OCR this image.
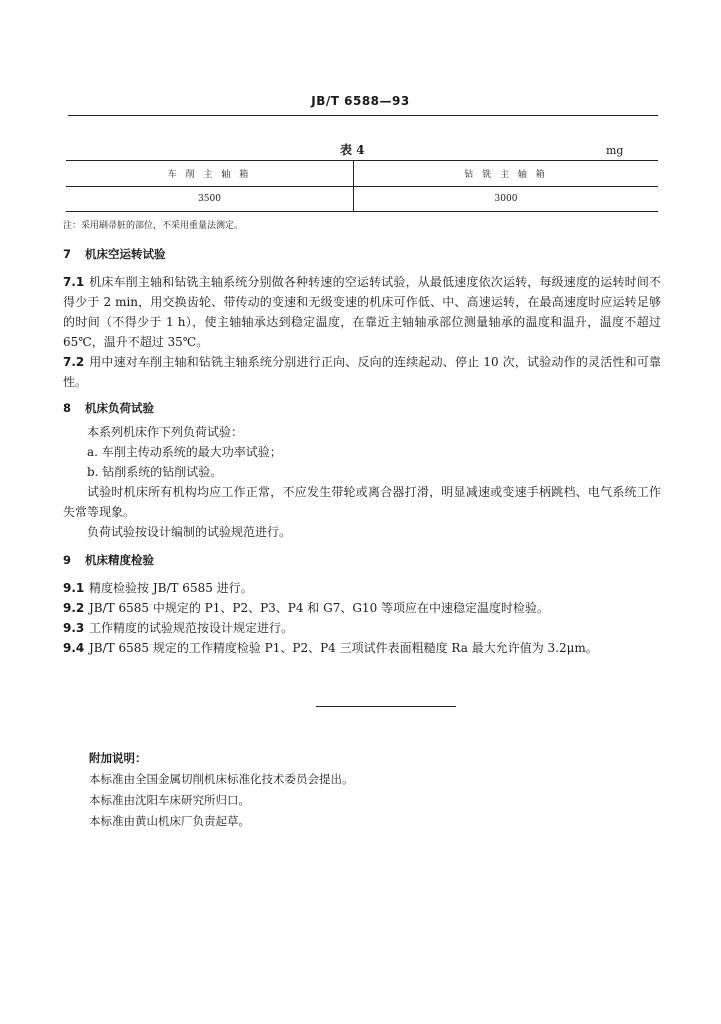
JB/T 6588—93
表 4	mg
车 削 主 轴 箱	钻 铣 主 轴 箱
3500	3000
注：采用刷帚脏的部位，不采用重量法测定。
7 机床空运转试验
7.1 机床车削主轴和钻铣主轴系统分别做各种转速的空运转试验，从最低速度依次运转，每级速度的运转时间不得少于 2 min，用交换齿轮、带传动的变速和无级变速的机床可作低、中、高速运转，在最高速度时应运转足够的时间（不得少于 1 h），使主轴轴承达到稳定温度，在靠近主轴轴承部位测量轴承的温度和温升，温度不超过 65℃，温升不超过 35℃。
7.2 用中速对车削主轴和钻铣主轴系统分别进行正向、反向的连续起动、停止 10 次，试验动作的灵活性和可靠性。
8 机床负荷试验
本系列机床作下列负荷试验：
a. 车削主传动系统的最大功率试验；
b. 钻削系统的钻削试验。
试验时机床所有机构均应工作正常，不应发生带轮或离合器打滑，明显减速或变速手柄跳档、电气系统工作失常等现象。
负荷试验按设计编制的试验规范进行。
9 机床精度检验
9.1 精度检验按 JB/T 6585 进行。
9.2 JB/T 6585 中规定的 P1、P2、P3、P4 和 G7、G10 等项应在中速稳定温度时检验。
9.3 工作精度的试验规范按设计规定进行。
9.4 JB/T 6585 规定的工作精度检验 P1、P2、P4 三项试件表面粗糙度 Ra 最大允许值为 3.2μm。
附加说明：
本标准由全国金属切削机床标准化技术委员会提出。
本标准由沈阳车床研究所归口。
本标准由黄山机床厂负责起草。
